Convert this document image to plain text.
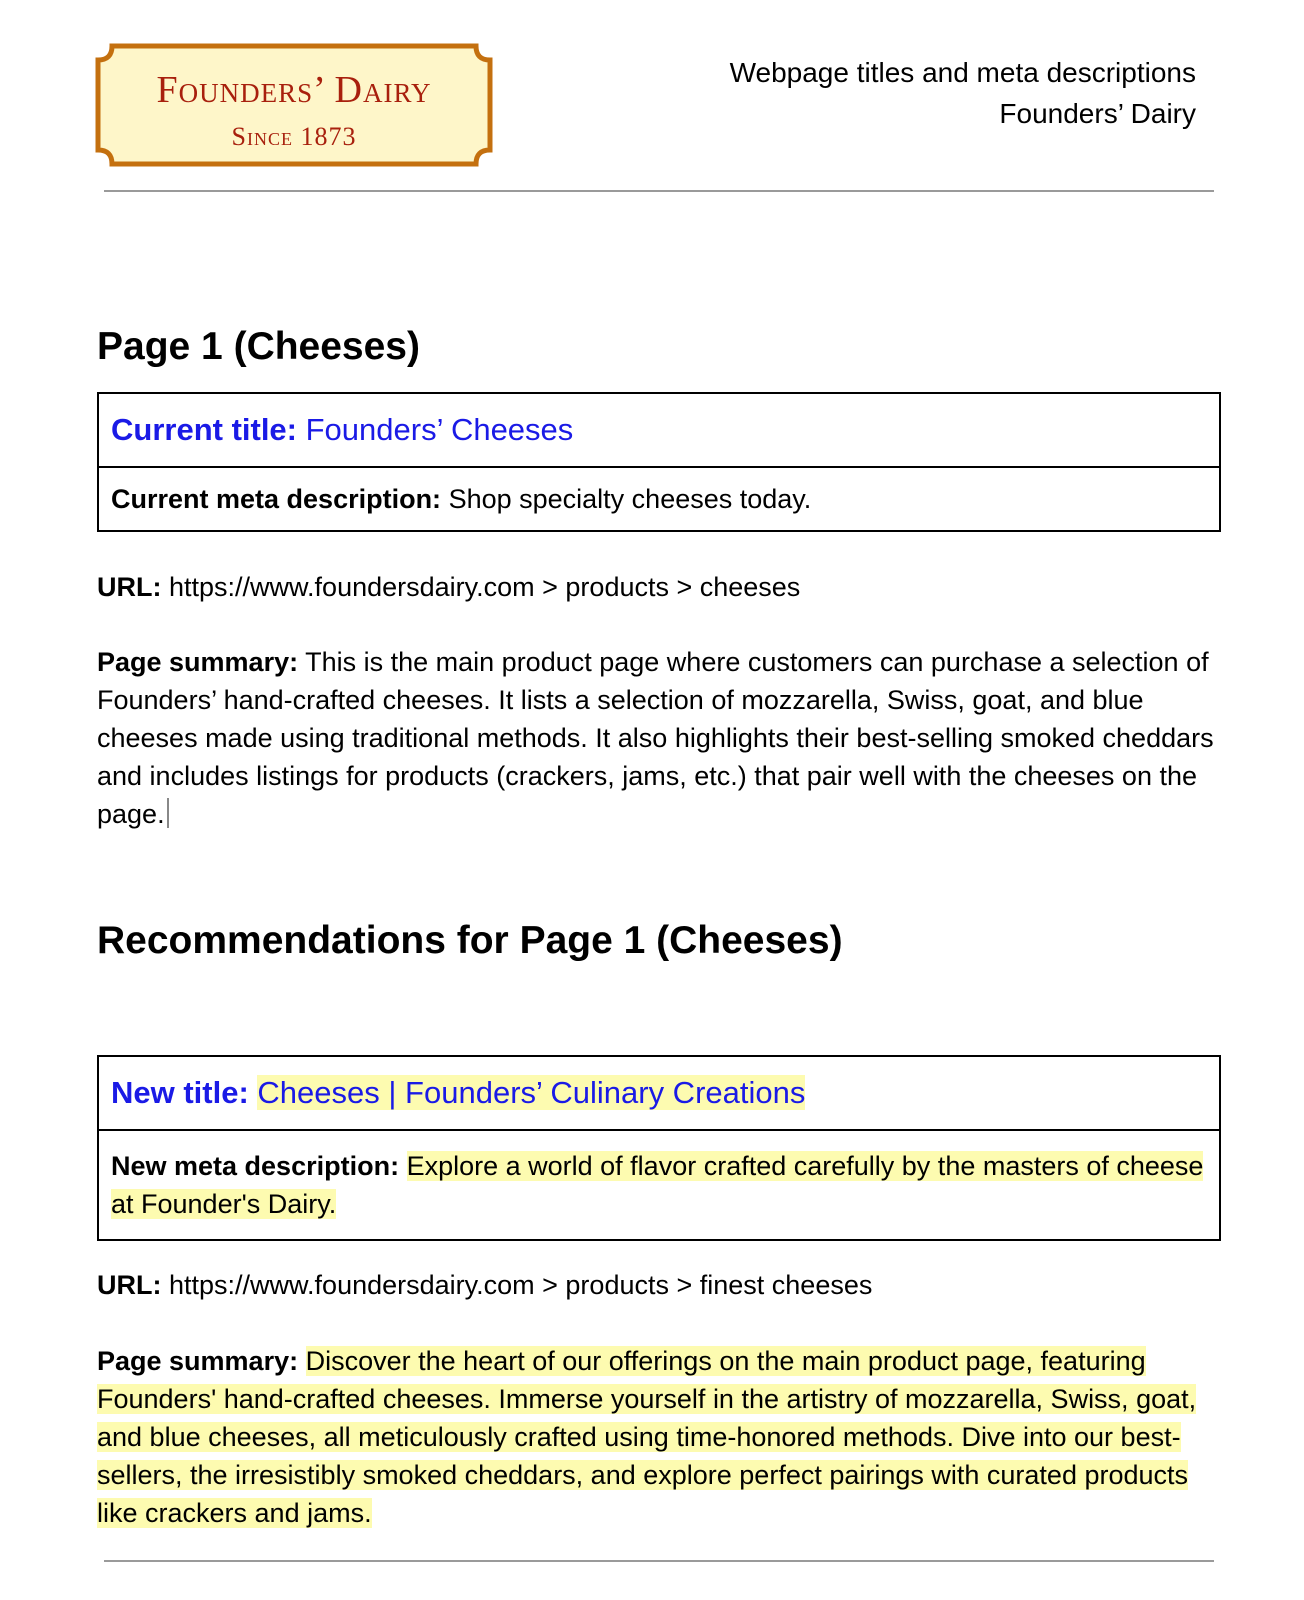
Founders’ Dairy
Since 1873
Webpage titles and meta descriptions
Founders’ Dairy
Page 1 (Cheeses)
Current title: Founders’ Cheeses
Current meta description: Shop specialty cheeses today.

URL: https://www.foundersdairy.com > products > cheeses

Page summary: This is the main product page where customers can purchase a selection of Founders’ hand-crafted cheeses. It lists a selection of mozzarella, Swiss, goat, and blue cheeses made using traditional methods. It also highlights their best-selling smoked cheddars and includes listings for products (crackers, jams, etc.) that pair well with the cheeses on the page.

Recommendations for Page 1 (Cheeses)
New title: Cheeses | Founders’ Culinary Creations
New meta description: Explore a world of flavor crafted carefully by the masters of cheese at Founder's Dairy.

URL: https://www.foundersdairy.com > products > finest cheeses

Page summary: Discover the heart of our offerings on the main product page, featuring Founders' hand-crafted cheeses. Immerse yourself in the artistry of mozzarella, Swiss, goat, and blue cheeses, all meticulously crafted using time-honored methods. Dive into our best-sellers, the irresistibly smoked cheddars, and explore perfect pairings with curated products like crackers and jams.
